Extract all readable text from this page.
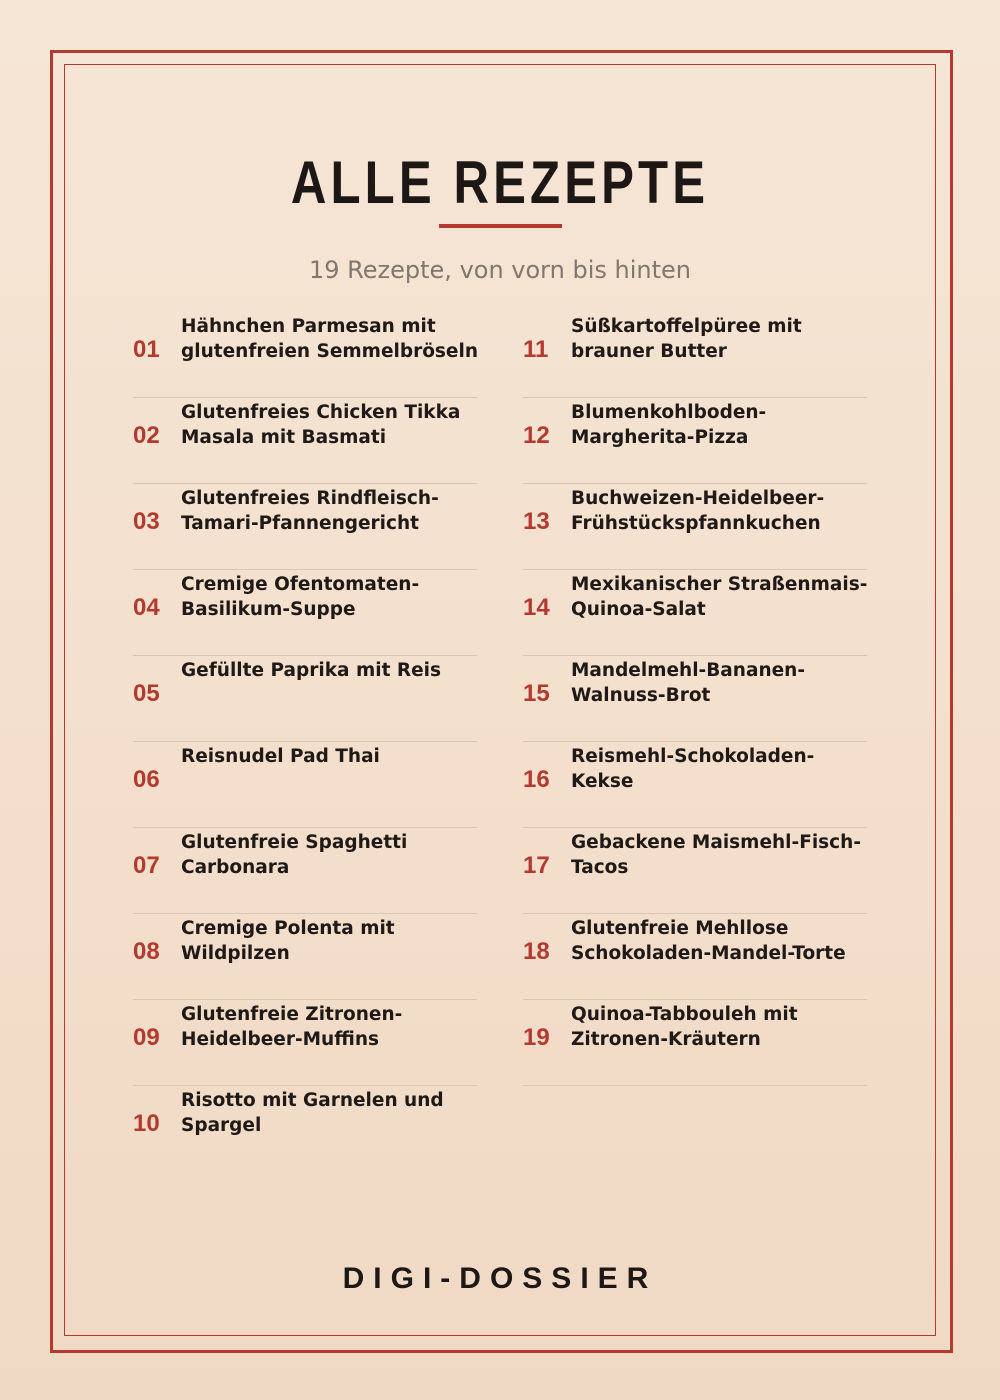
ALLE REZEPTE
19 Rezepte, von vorn bis hinten
01
Hähnchen Parmesan mit glutenfreien Semmelbröseln
02
Glutenfreies Chicken Tikka Masala mit Basmati
03
Glutenfreies Rindfleisch-Tamari-Pfannengericht
04
Cremige Ofentomaten-Basilikum-Suppe
05
Gefüllte Paprika mit Reis
06
Reisnudel Pad Thai
07
Glutenfreie Spaghetti Carbonara
08
Cremige Polenta mit Wildpilzen
09
Glutenfreie Zitronen-Heidelbeer-Muffins
10
Risotto mit Garnelen und Spargel
11
Süßkartoffelpüree mit brauner Butter
12
Blumenkohlboden-Margherita-Pizza
13
Buchweizen-Heidelbeer-Frühstückspfannkuchen
14
Mexikanischer Straßenmais-Quinoa-Salat
15
Mandelmehl-Bananen-Walnuss-Brot
16
Reismehl-Schokoladen-Kekse
17
Gebackene Maismehl-Fisch-Tacos
18
Glutenfreie Mehllose Schokoladen-Mandel-Torte
19
Quinoa-Tabbouleh mit Zitronen-Kräutern
DIGI-DOSSIER
